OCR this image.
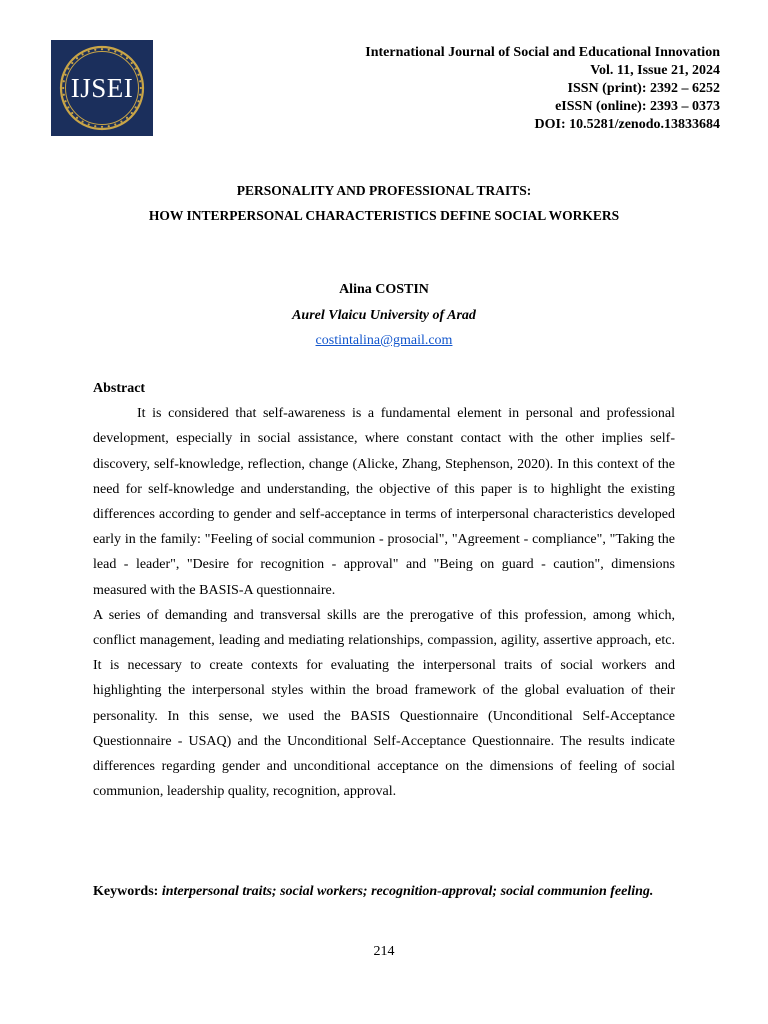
IJSEI
International Journal of Social and Educational Innovation
Vol. 11, Issue 21, 2024
ISSN (print): 2392 – 6252
eISSN (online): 2393 – 0373
DOI: 10.5281/zenodo.13833684
PERSONALITY AND PROFESSIONAL TRAITS:
HOW INTERPERSONAL CHARACTERISTICS DEFINE SOCIAL WORKERS
Alina COSTIN
Aurel Vlaicu University of Arad
costintalina@gmail.com
Abstract

It is considered that self-awareness is a fundamental element in personal and professional development, especially in social assistance, where constant contact with the other implies self-discovery, self-knowledge, reflection, change (Alicke, Zhang, Stephenson, 2020). In this context of the need for self-knowledge and understanding, the objective of this paper is to highlight the existing differences according to gender and self-acceptance in terms of interpersonal characteristics developed early in the family: "Feeling of social communion - prosocial", "Agreement - compliance", "Taking the lead - leader", "Desire for recognition - approval" and "Being on guard - caution", dimensions measured with the BASIS-A questionnaire.

A series of demanding and transversal skills are the prerogative of this profession, among which, conflict management, leading and mediating relationships, compassion, agility, assertive approach, etc. It is necessary to create contexts for evaluating the interpersonal traits of social workers and highlighting the interpersonal styles within the broad framework of the global evaluation of their personality. In this sense, we used the BASIS Questionnaire (Unconditional Self-Acceptance Questionnaire - USAQ) and the Unconditional Self-Acceptance Questionnaire. The results indicate differences regarding gender and unconditional acceptance on the dimensions of feeling of social communion, leadership quality, recognition, approval.

Keywords: interpersonal traits; social workers; recognition-approval; social communion feeling.
214
